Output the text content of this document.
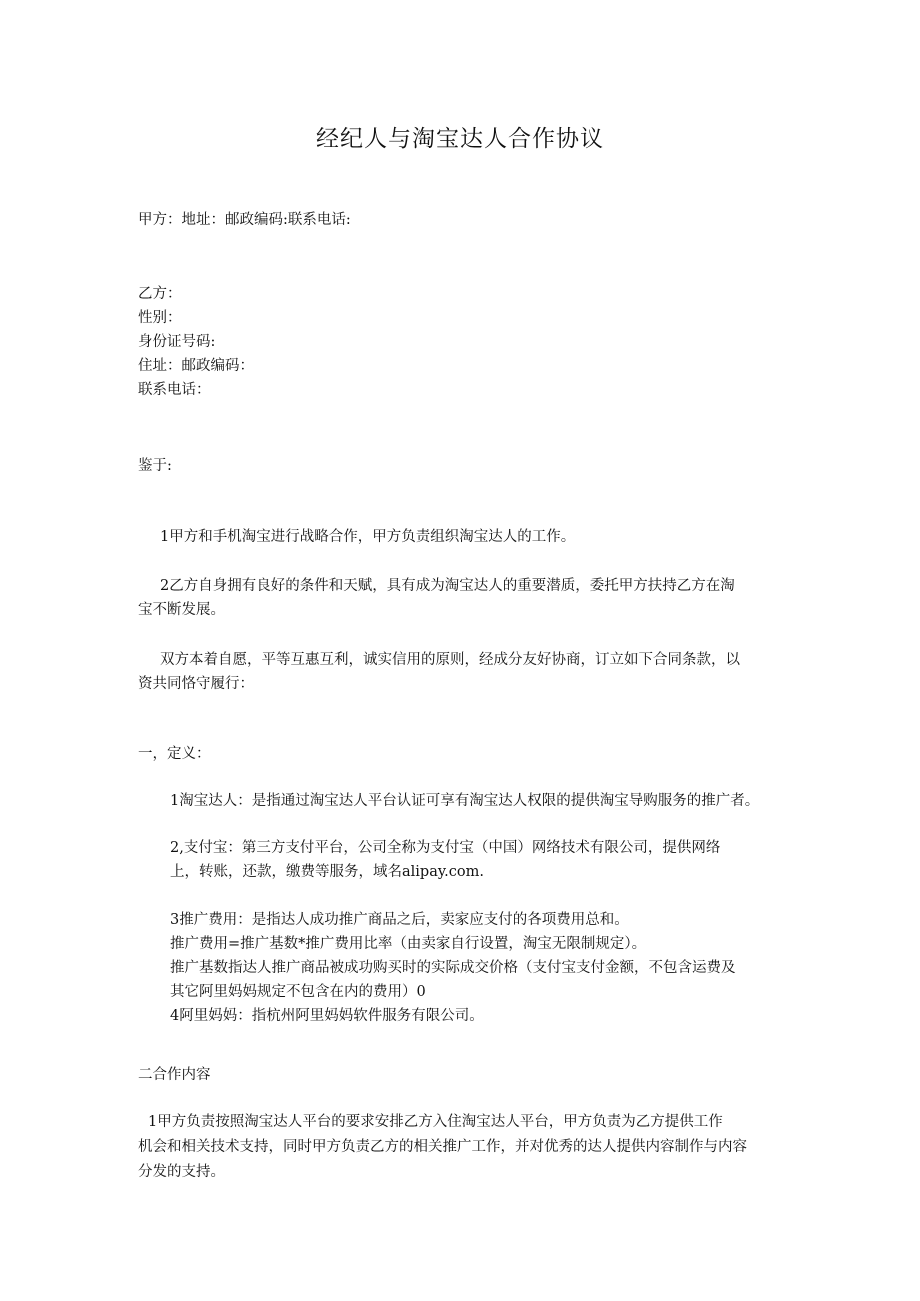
经纪人与淘宝达人合作协议
甲方：地址：邮政编码:联系电话:
乙方：
性别：
身份证号码:
住址：邮政编码：
联系电话：
鉴于:
1甲方和手机淘宝进行战略合作，甲方负责组织淘宝达人的工作。
2乙方自身拥有良好的条件和天赋，具有成为淘宝达人的重要潜质，委托甲方扶持乙方在淘
宝不断发展。
双方本着自愿，平等互惠互利，诚实信用的原则，经成分友好协商，订立如下合同条款，以
资共同恪守履行：
一，定义：
1淘宝达人：是指通过淘宝达人平台认证可享有淘宝达人权限的提供淘宝导购服务的推广者。
2,支付宝：第三方支付平台，公司全称为支付宝（中国）网络技术有限公司，提供网络
上，转账，还款，缴费等服务，域名alipay.com.
3推广费用：是指达人成功推广商品之后，卖家应支付的各项费用总和。
推广费用=推广基数*推广费用比率（由卖家自行设置，淘宝无限制规定）。
推广基数指达人推广商品被成功购买时的实际成交价格（支付宝支付金额，不包含运费及
其它阿里妈妈规定不包含在内的费用）0
4阿里妈妈：指杭州阿里妈妈软件服务有限公司。
二合作内容
1甲方负责按照淘宝达人平台的要求安排乙方入住淘宝达人平台，甲方负责为乙方提供工作
机会和相关技术支持，同时甲方负责乙方的相关推广工作，并对优秀的达人提供内容制作与内容
分发的支持。
